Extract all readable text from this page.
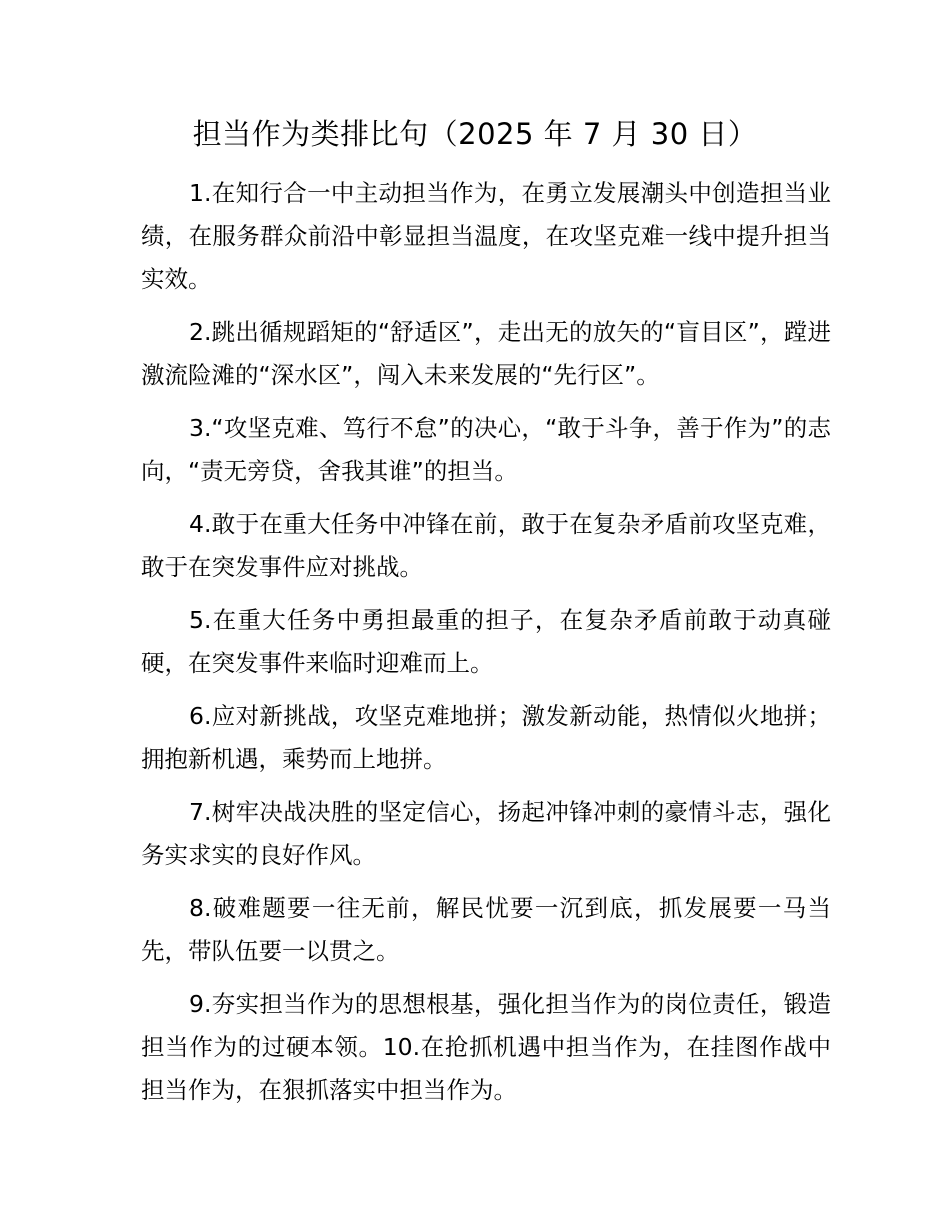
担当作为类排比句（2025 年 7 月 30 日）

1.在知行合一中主动担当作为，在勇立发展潮头中创造担当业绩，在服务群众前沿中彰显担当温度，在攻坚克难一线中提升担当实效。

2.跳出循规蹈矩的“舒适区”，走出无的放矢的“盲目区”，蹚进激流险滩的“深水区”，闯入未来发展的“先行区”。

3.“攻坚克难、笃行不怠”的决心，“敢于斗争，善于作为”的志向，“责无旁贷，舍我其谁”的担当。

4.敢于在重大任务中冲锋在前，敢于在复杂矛盾前攻坚克难，敢于在突发事件应对挑战。

5.在重大任务中勇担最重的担子，在复杂矛盾前敢于动真碰硬，在突发事件来临时迎难而上。

6.应对新挑战，攻坚克难地拼；激发新动能，热情似火地拼；拥抱新机遇，乘势而上地拼。

7.树牢决战决胜的坚定信心，扬起冲锋冲刺的豪情斗志，强化务实求实的良好作风。

8.破难题要一往无前，解民忧要一沉到底，抓发展要一马当先，带队伍要一以贯之。

9.夯实担当作为的思想根基，强化担当作为的岗位责任，锻造担当作为的过硬本领。10.在抢抓机遇中担当作为，在挂图作战中担当作为，在狠抓落实中担当作为。
